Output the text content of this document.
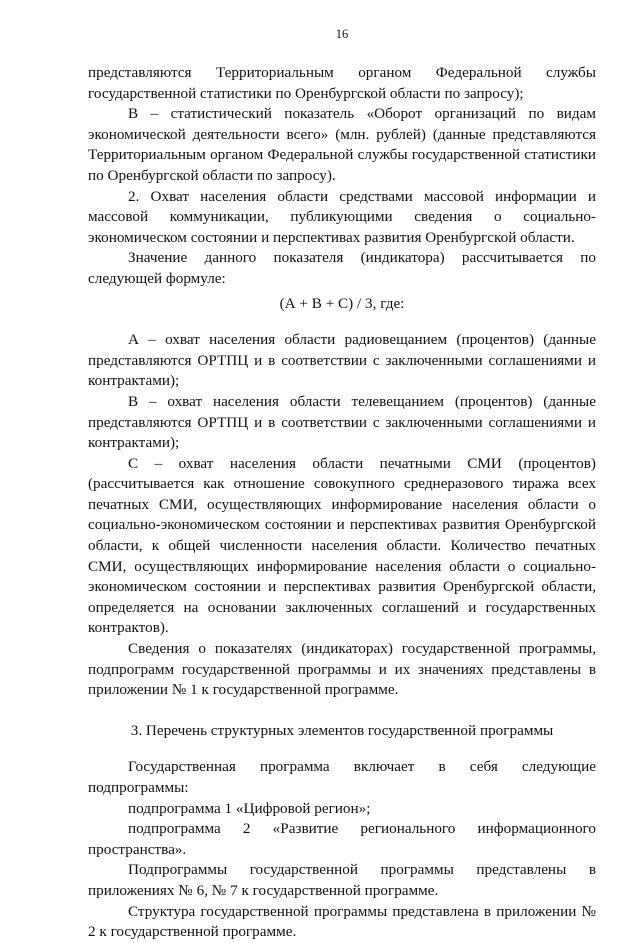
16

представляются Территориальным органом Федеральной службы государственной статистики по Оренбургской области по запросу);

В – статистический показатель «Оборот организаций по видам экономической деятельности всего» (млн. рублей) (данные представляются Территориальным органом Федеральной службы государственной статистики по Оренбургской области по запросу).

2. Охват населения области средствами массовой информации и массовой коммуникации, публикующими сведения о социально-экономическом состоянии и перспективах развития Оренбургской области.

Значение данного показателя (индикатора) рассчитывается по следующей формуле:

(А + В + С) / 3, где:

А – охват населения области радиовещанием (процентов) (данные представляются ОРТПЦ и в соответствии с заключенными соглашениями и контрактами);

В – охват населения области телевещанием (процентов) (данные представляются ОРТПЦ и в соответствии с заключенными соглашениями и контрактами);

С – охват населения области печатными СМИ (процентов) (рассчитывается как отношение совокупного среднеразового тиража всех печатных СМИ, осуществляющих информирование населения области о социально-экономическом состоянии и перспективах развития Оренбургской области, к общей численности населения области. Количество печатных СМИ, осуществляющих информирование населения области о социально-экономическом состоянии и перспективах развития Оренбургской области, определяется на основании заключенных соглашений и государственных контрактов).

Сведения о показателях (индикаторах) государственной программы, подпрограмм государственной программы и их значениях представлены в приложении № 1 к государственной программе.

3. Перечень структурных элементов государственной программы

Государственная программа включает в себя следующие подпрограммы:

подпрограмма 1 «Цифровой регион»;

подпрограмма 2 «Развитие регионального информационного пространства».

Подпрограммы государственной программы представлены в приложениях № 6, № 7 к государственной программе.

Структура государственной программы представлена в приложении № 2 к государственной программе.
